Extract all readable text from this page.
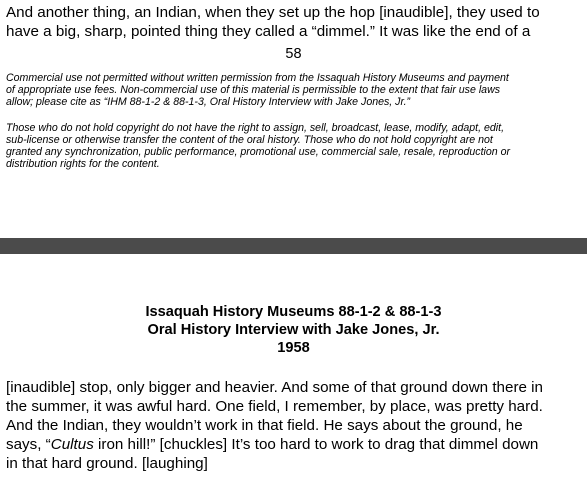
And another thing, an Indian, when they set up the hop [inaudible], they used to
have a big, sharp, pointed thing they called a “dimmel.” It was like the end of a

58

Commercial use not permitted without written permission from the Issaquah History Museums and payment
of appropriate use fees. Non-commercial use of this material is permissible to the extent that fair use laws
allow; please cite as “IHM 88-1-2 & 88-1-3, Oral History Interview with Jake Jones, Jr.”

Those who do not hold copyright do not have the right to assign, sell, broadcast, lease, modify, adapt, edit,
sub-license or otherwise transfer the content of the oral history. Those who do not hold copyright are not
granted any synchronization, public performance, promotional use, commercial sale, resale, reproduction or
distribution rights for the content.

Issaquah History Museums 88-1-2 & 88-1-3
Oral History Interview with Jake Jones, Jr.
1958

[inaudible] stop, only bigger and heavier. And some of that ground down there in
the summer, it was awful hard. One field, I remember, by place, was pretty hard.
And the Indian, they wouldn’t work in that field. He says about the ground, he
says, “Cultus iron hill!” [chuckles] It’s too hard to work to drag that dimmel down
in that hard ground. [laughing]
